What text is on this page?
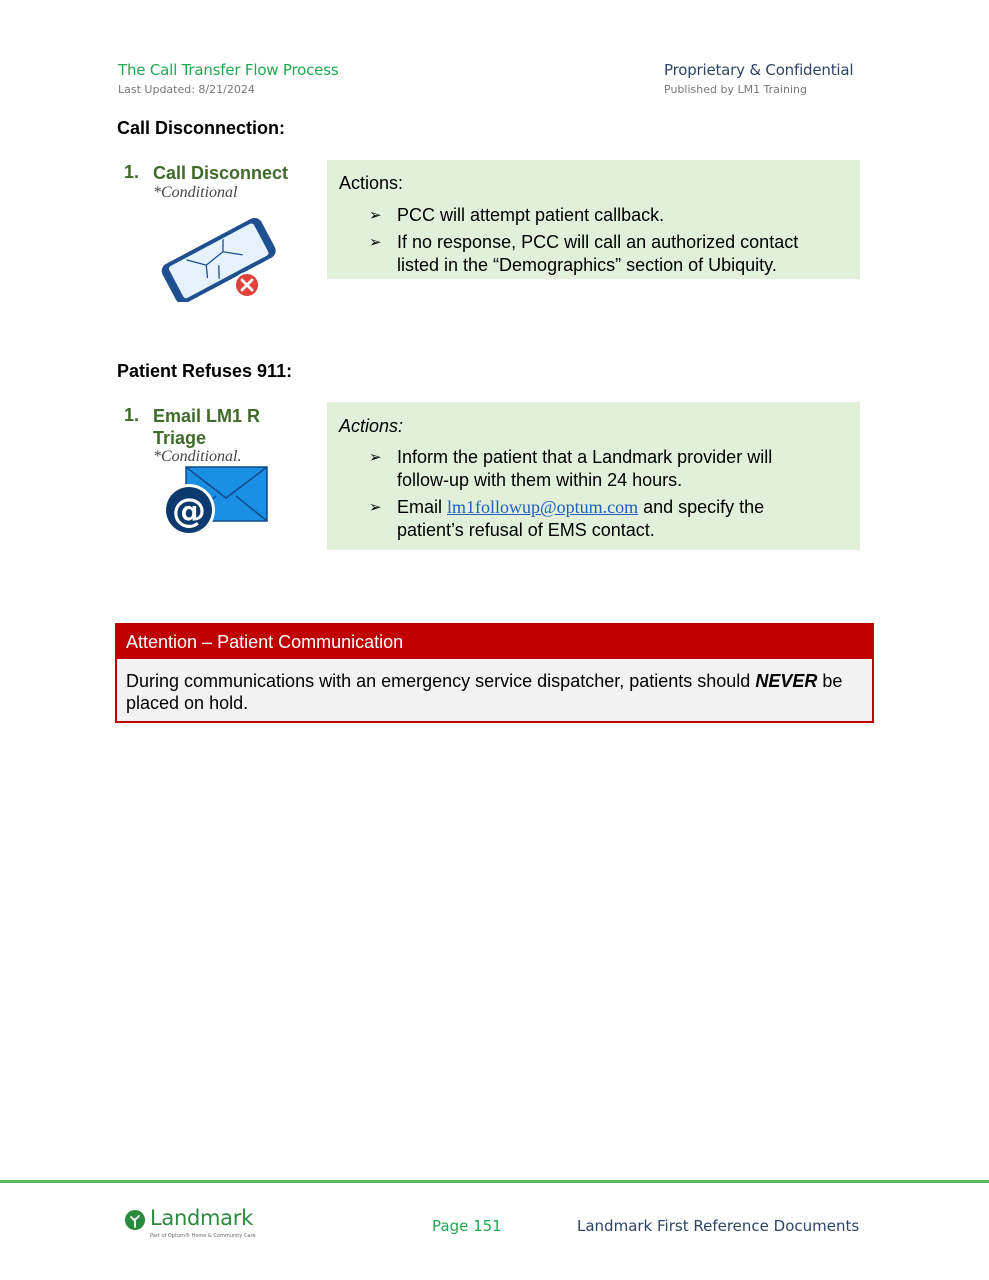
The Call Transfer Flow Process
Last Updated: 8/21/2024
Proprietary & Confidential
Published by LM1 Training
Call Disconnection:
1. Call Disconnect
*Conditional	Actions:
➢ PCC will attempt patient callback.
➢ If no response, PCC will call an authorized contact listed in the “Demographics” section of Ubiquity.
Patient Refuses 911:
1. Email LM1 R
Triage
*Conditional.
@
Actions:
➢ Inform the patient that a Landmark provider will follow-up with them within 24 hours.
➢ Email lm1followup@optum.com and specify the patient’s refusal of EMS contact.
Attention – Patient Communication
During communications with an emergency service dispatcher, patients should NEVER be placed on hold.
Landmark
Part of Optum® Home & Community Care
Page 151	Landmark First Reference Documents
